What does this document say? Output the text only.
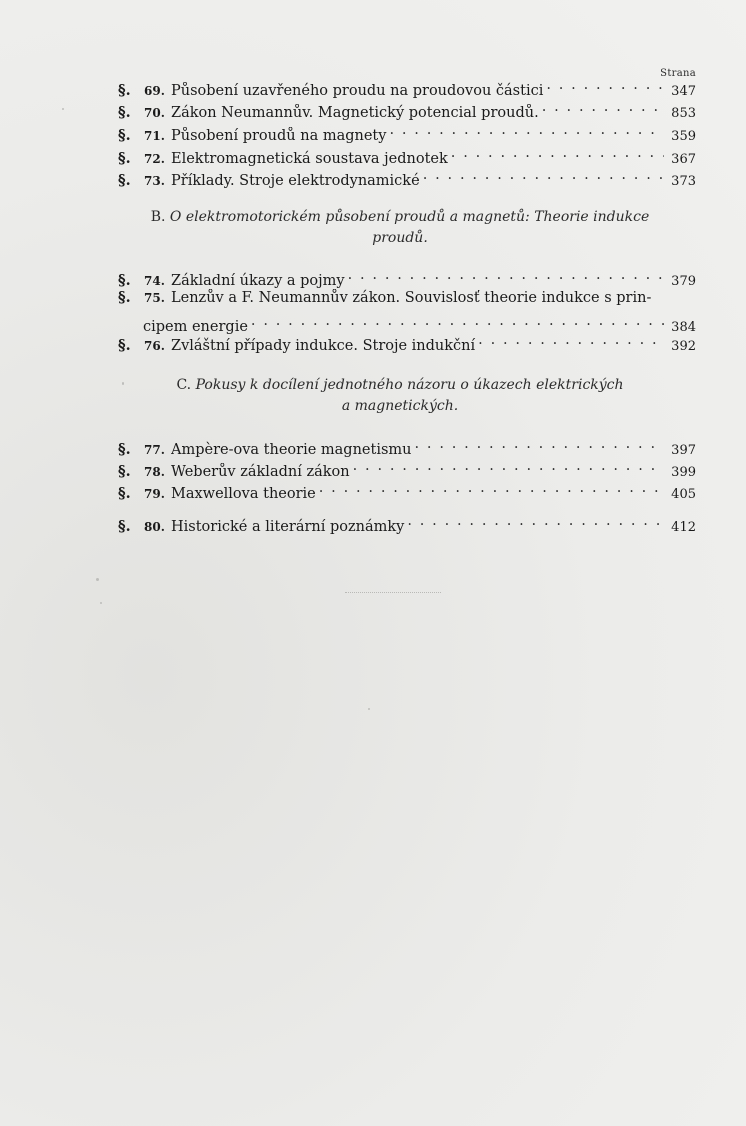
Strana
§.	69. Působení uzavřeného proudu na proudovou částici . . .	347
§.	70. Zákon Neumannův. Magnetický potencial proudů. . . .	853
§.	71. Působení proudů na magnety . . .	359
§.	72. Elektromagnetická soustava jednotek . . .	367
§.	73. Příklady. Stroje elektrodynamické . . .	373
B. O elektromotorickém působení proudů a magnetů: Theorie indukce
proudů.
§.	74. Základní úkazy a pojmy . . .	379
§.	75. Lenzův a F. Neumannův zákon. Souvislosť theorie indukce s prin-
cipem energie . . .	384
§.	76. Zvláštní případy indukce. Stroje indukční . . .	392
C. Pokusy k docílení jednotného názoru o úkazech elektrických
a magnetických.
§.	77. Ampère-ova theorie magnetismu . . .	397
§.	78. Weberův základní zákon . . .	399
§.	79. Maxwellova theorie . . .	405
§.	80. Historické a literární poznámky . . .	412
